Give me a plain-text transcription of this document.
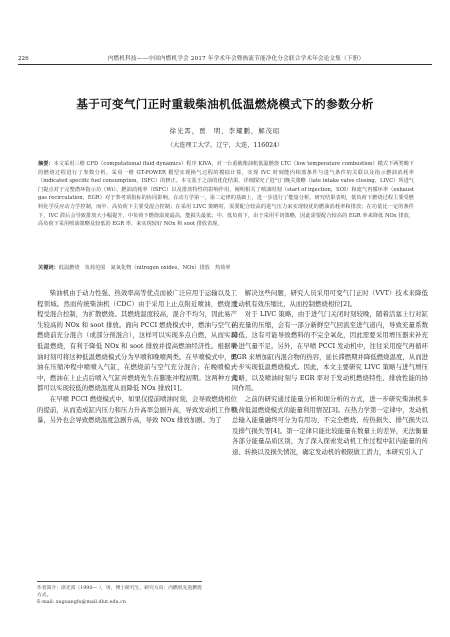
226	内燃机科技——中国内燃机学会 2017 年学术年会暨热流节能净化分会联合学术年会论文集（下册）
基于可变气门正时重载柴油机低温燃烧模式下的参数分析
徐光霄，贾　明，李耀鹏，解茂昭
（大连理工大学，辽宁，大连，116024）
摘要：本文采用三维 CFD（computational fluid dynamics）程序 KIVA，对一台重载柴油机低温燃烧 LTC（low temperature combustion）模式下两类晚下的燃烧过程进行了参数分析。采用一维 GT-POWER 模型实现换气过程的模拟计算，实现 IVC 时刻能内相部条件与进气条件的关联以及指示燃油消耗率（indicated specific fuel consumption，ISFC）的修正。本文基于之前的优化结果，详细探究了进气门晚关策略（late intake valve closing，LIVC）所进气门提点对于完整潜环指示功（Wi）、燃油消耗率（ISFC）以及排放特性的影响作用，阐明相关了喷油时刻（start of injection，SOI）和废气再循环率（exhaust gas recirculation，EGR）对于参考项指标的协同影响。在动力学第一，第二定律的基础上，进一步进行了能量分析。研究结果表明，低负荷下燃烧过程主要受燃料化学反应动力学控制，而中、高负荷下主要受混合控制；在采用 LIVC 策略时，需要配合较高的进气压力来实现较优的燃油消耗率和排放；在功量比一定的条件下，IVC 滞后会导致排放大小幅提升，中负荷下燃烧温度最高，能损失最低；中、低负荷下，由于采用平切策略，因此需要配合较高的 EGR 率来降低 NOx 排放，高负荷下采用喷油策略及较低的 EGR 率，来实现较好 NOx 和 soot 排放表现。
关键词：低温燃烧　负荷范围　氮氧化物（nitrogen oxides，NOx）排放　热效率

柴油机由于动力性强、热效率高等优点而被广泛应用于运输以及工程领域。然而传统柴油机（CDC）由于采用上止点附近喷油，燃烧过程受混合控制，为扩散燃烧。其燃烧温度较高，混合不均匀，因此易产生较高的 NOx 和 soot 排放。面向 PCCI 燃烧模式中，燃油与空气在燃烧前充分混合（或部分预混合），这样可以实现多点自燃，从而实现低温燃烧，有利于降低 NOx 和 soot 排放并提高燃油经济性。根据喷油时刻可将这种低温燃烧模式分为早喷和晚喷两类。在早喷模式中，燃油在压缩冲程中喷喷入气缸，在燃烧前与空气充分混合；在晚喷模式中，燃油在上止点后喷入气缸并燃烧先生在膨胀冲程初期。这两种方式都可以实现较低的燃烧温度从而降低 NOx 排放[1]。

在早喷 PCCI 燃烧模式中，如果仅提前喷油时刻，会导致燃烧相位的提前，从而造成缸内压力和压力升高率急剧升高，导致发动机工作粗暴，另外也会导致燃烧温度急剧升高，导致 NOx 排放加剧。为了

解决这些问题，研究人员采用可变气门正时（VVT）技术来降低发动机有效压缩比，从而控制燃烧相位[2]。

对于 LIVC 策略，由于进气门关闭时刻较晚，随着活塞上行对缸内充量的压缩，会有一部分新鲜空气回流至进气道内，导致充量系数降低，这有可能导致燃料的不完全氧化，因此需要采用增压器来补充补进气量不足。另外，在早喷 PCCI 发动机中，往往采用废气再循环 EGR 来增加缸内混合物的热容，延长滞燃期并降低燃烧温度，从而进一步实现低温燃烧模式。因此，本文主要研究 LIVC 策略与进气增压策略，以及喷油时刻与 EGR 率对于发动机燃烧特性、排放性能的协同作用。

之前的研究通过能量分析和㶲分析的方式，进一步研究柴油机多负荷低温燃烧模式的能量利用情况[3]。在热力学第一定律中，发动机总输入能量融终可分为有用功、不完全燃烧、传热损失、排气损失以及排气损失等[4]。第一定律只能比较能量在数量上的差异，无法衡量各部分能量品质区别，为了深入探索发动机工作过程中缸内能量的传递、转换以及损失情况，确定发动机的极限做工潜力，本研究引入了

作者简介：徐光霄（1990— ），男，博士研究生，研究方向：内燃机先进燃烧方式。
E-mail: xuguangfu@mail.dlut.edu.cn
